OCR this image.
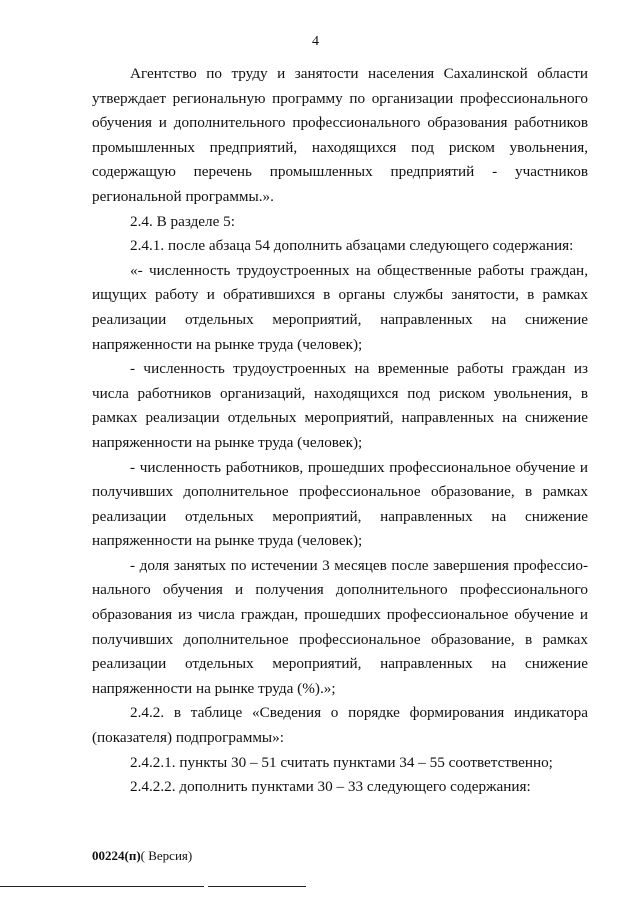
4

Агентство по труду и занятости населения Сахалинской области утверждает региональную программу по организации профессионального обучения и дополнительного профессионального образования работников промышленных предприятий, находящихся под риском увольнения, содержащую перечень промышленных предприятий - участников региональной программы.».

2.4. В разделе 5:

2.4.1. после абзаца 54 дополнить абзацами следующего содержания:

«- численность трудоустроенных на общественные работы граждан, ищущих работу и обратившихся в органы службы занятости, в рамках реализации отдельных мероприятий, направленных на снижение напряженности на рынке труда (человек);

- численность трудоустроенных на временные работы граждан из числа работников организаций, находящихся под риском увольнения, в рамках реализации отдельных мероприятий, направленных на снижение напряженности на рынке труда (человек);

- численность работников, прошедших профессиональное обучение и получивших дополнительное профессиональное образование, в рамках реализации отдельных мероприятий, направленных на снижение напряженности на рынке труда (человек);

- доля занятых по истечении 3 месяцев после завершения профессионального обучения и получения дополнительного профессионального образования из числа граждан, прошедших профессиональное обучение и получивших дополнительное профессиональное образование, в рамках реализации отдельных мероприятий, направленных на снижение напряженности на рынке труда (%).»;

2.4.2. в таблице «Сведения о порядке формирования индикатора (показателя) подпрограммы»:

2.4.2.1. пункты 30 – 51 считать пунктами 34 – 55 соответственно;

2.4.2.2. дополнить пунктами 30 – 33 следующего содержания:

00224(п)( Версия)
